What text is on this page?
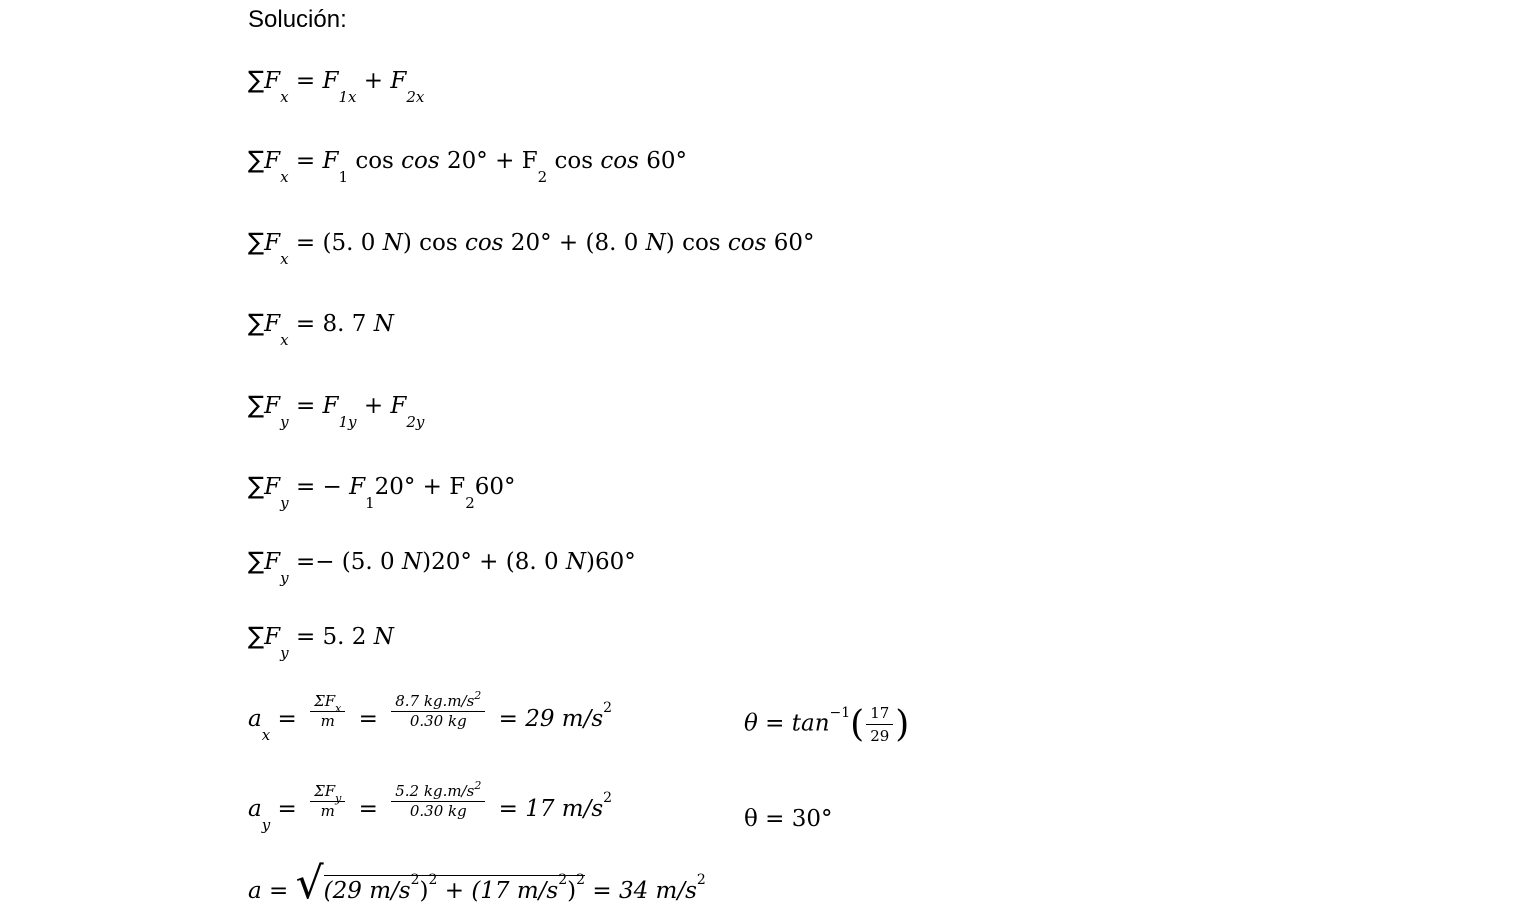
Solución:
$\sum F_x = F_{1x} + F_{2x}$
$\sum F_x = F_1$ $\cos \cos 20^\circ + F_2$ cos cos 60°
$\sum F_x = (5$. 0 N) cos cos 20° + (8. 0 N) cos cos 60°
$\sum F_x = 8$. 7 N
$\sum F_y = F_{1y} + F_{2y}$
$\sum F_y$ = − $F_120^\circ + F_260^\circ$
$\sum F_y =- (5$. 0 N)20° + (8. 0 N)60°
$\sum F_y = 5$. 2 N
$a_x = \frac{\Sigma F_x}{m} = \frac{8.7 kg.m/s^2}{0.30 kg} = 29$ $m/s^2$
$\theta = \tan^{-1}( \frac{17}{29}$ )
$a_y = \frac{\Sigma F_y}{m} = \frac{5.2 kg.m/s^2}{0.30 kg} = 17$ $m/s^2$
θ = 30°
a = √(29 $m/s^2)^2 + (17$ $m/s^2)^2 = 34$ $m/s^2$
